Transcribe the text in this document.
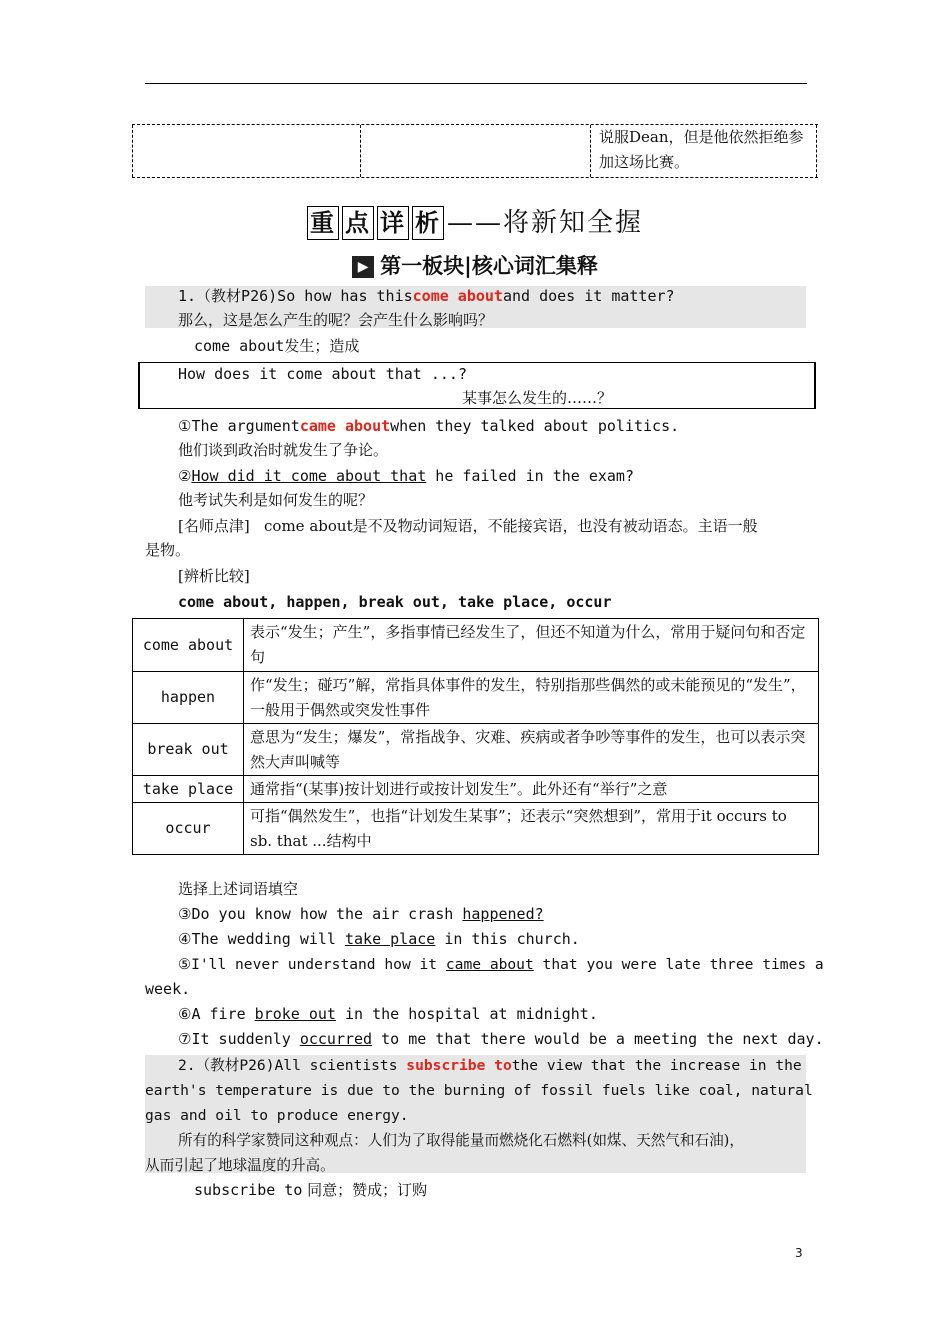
说服Dean，但是他依然拒绝参加这场比赛。
重 点 详 析 ——将新知全握
▶ 第一板块|核心词汇集释
1.（教材P26)So how has thiscome aboutand does it matter?
那么，这是怎么产生的呢？会产生什么影响吗？
come about发生；造成
How does it come about that ...?
某事怎么发生的……？
①The argumentcame aboutwhen they talked about politics.
他们谈到政治时就发生了争论。
②How did it come about that he failed in the exam?
他考试失利是如何发生的呢？
[名师点津] come about是不及物动词短语，不能接宾语，也没有被动语态。主语一般
是物。
[辨析比较]
come about, happen, break out, take place, occur
come about	表示“发生；产生”，多指事情已经发生了，但还不知道为什么，常用于疑问句和否定句
happen	作“发生；碰巧”解，常指具体事件的发生，特别指那些偶然的或未能预见的“发生”，一般用于偶然或突发性事件
break out	意思为“发生；爆发”，常指战争、灾难、疾病或者争吵等事件的发生，也可以表示突然大声叫喊等
take place	通常指“(某事)按计划进行或按计划发生”。此外还有“举行”之意
occur	可指“偶然发生”，也指“计划发生某事”；还表示“突然想到”，常用于it occurs to sb. that ...结构中
选择上述词语填空
③Do you know how the air crash happened?
④The wedding will take place in this church.
⑤I'll never understand how it came about that you were late three times a
week.
⑥A fire broke out in the hospital at midnight.
⑦It suddenly occurred to me that there would be a meeting the next day.
2.（教材P26)All scientists subscribe tothe view that the increase in the
earth's temperature is due to the burning of fossil fuels like coal, natural
gas and oil to produce energy.
所有的科学家赞同这种观点：人们为了取得能量而燃烧化石燃料(如煤、天然气和石油)，
从而引起了地球温度的升高。
subscribe to 同意；赞成；订购
3
